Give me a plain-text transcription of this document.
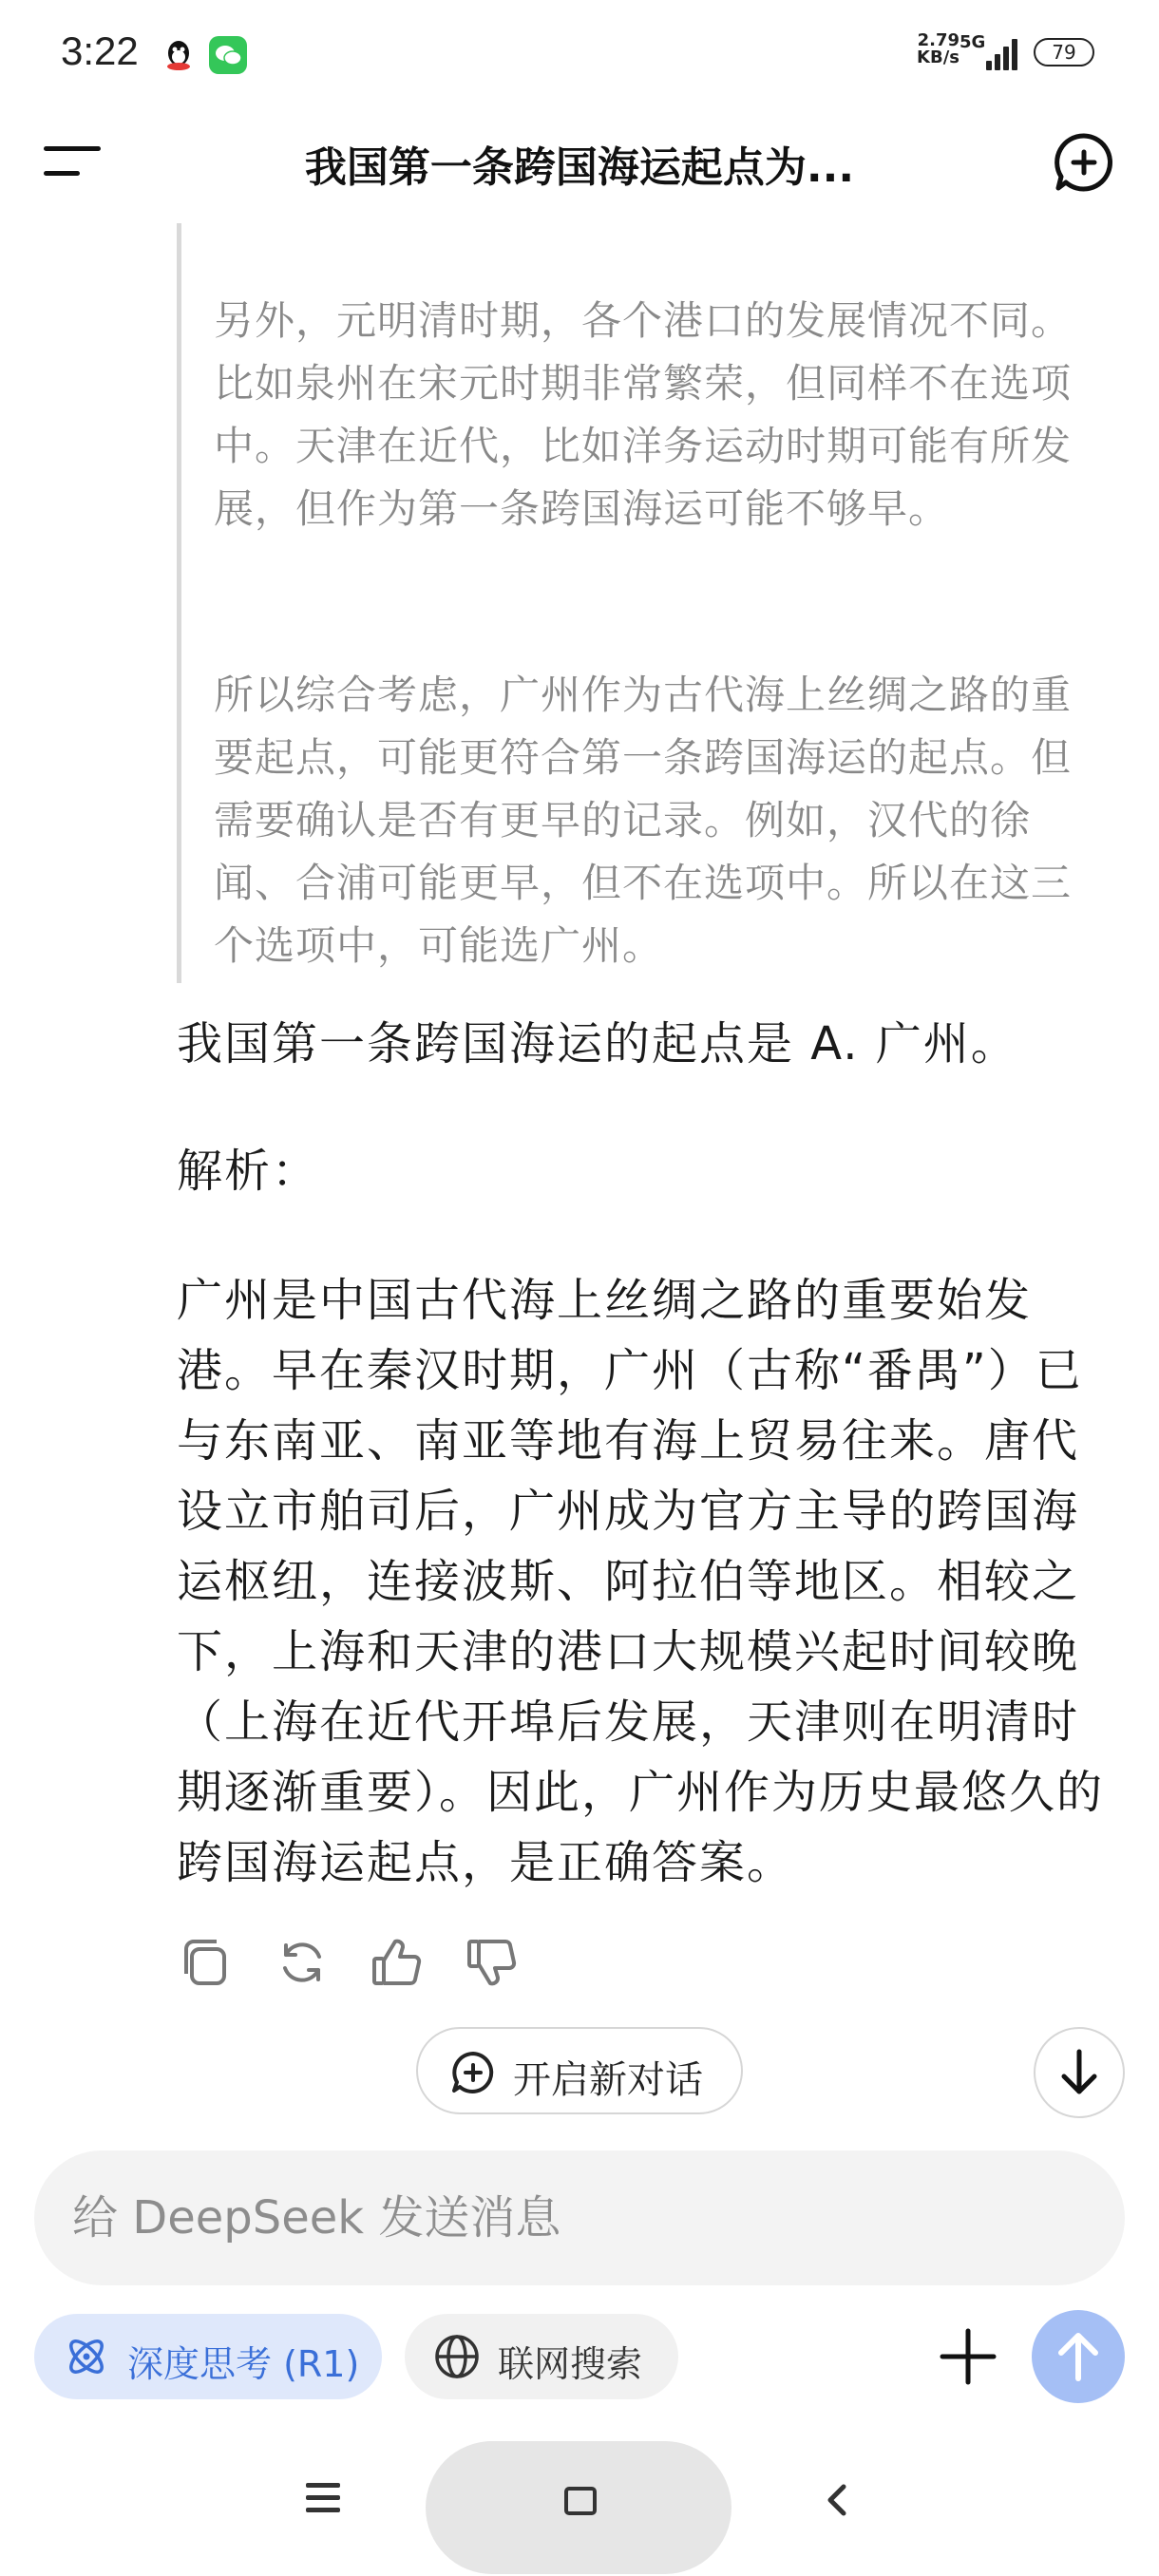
3:22	2.79
KB/s
5G	79
我国第一条跨国海运起点为...

另外，元明清时期，各个港口的发展情况不同。比如泉州在宋元时期非常繁荣，但同样不在选项中。天津在近代，比如洋务运动时期可能有所发展，但作为第一条跨国海运可能不够早。

所以综合考虑，广州作为古代海上丝绸之路的重要起点，可能更符合第一条跨国海运的起点。但需要确认是否有更早的记录。例如，汉代的徐闻、合浦可能更早，但不在选项中。所以在这三个选项中，可能选广州。

我国第一条跨国海运的起点是 A. 广州。

解析：

广州是中国古代海上丝绸之路的重要始发港。早在秦汉时期，广州（古称“番禺”）已与东南亚、南亚等地有海上贸易往来。唐代设立市舶司后，广州成为官方主导的跨国海运枢纽，连接波斯、阿拉伯等地区。相较之下，上海和天津的港口大规模兴起时间较晚（上海在近代开埠后发展，天津则在明清时期逐渐重要）。因此，广州作为历史最悠久的跨国海运起点，是正确答案。

开启新对话
给 DeepSeek 发送消息
深度思考 (R1)	联网搜索
